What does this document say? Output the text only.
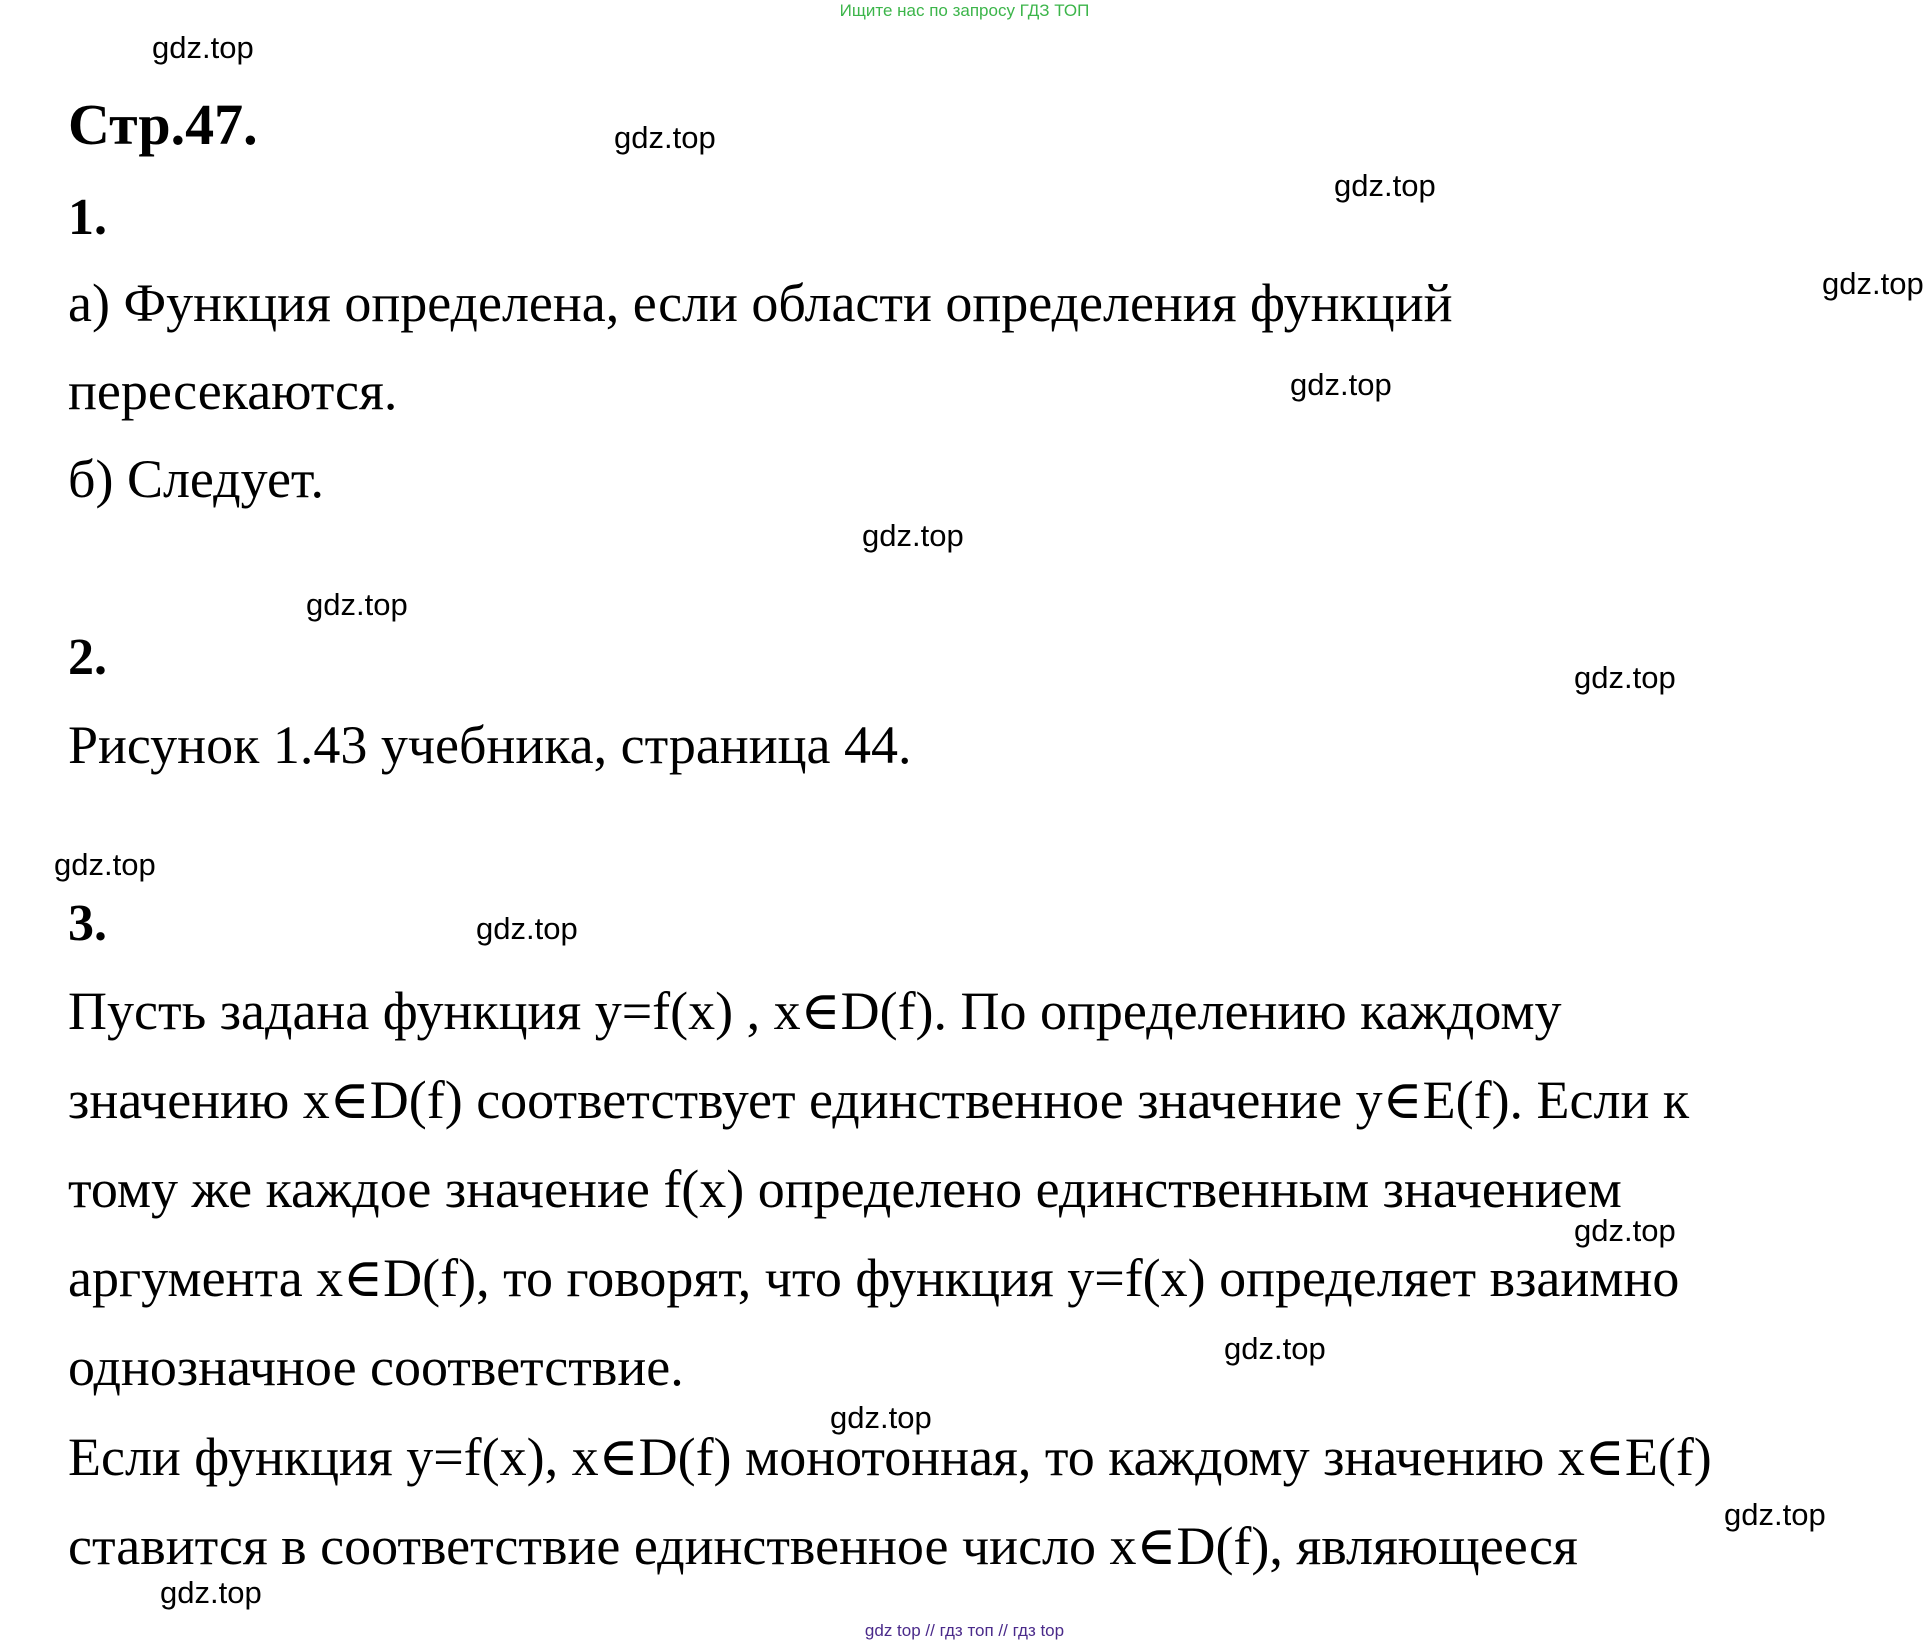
Ищите нас по запросу ГДЗ ТОП
Стр.47.
1.
а) Функция определена, если области определения функций
пересекаются.
б) Следует.
2.
Рисунок 1.43 учебника, страница 44.
3.
Пусть задана функция y=f(x) , x∈D(f). По определению каждому
значению x∈D(f) соответствует единственное значение y∈E(f). Если к
тому же каждое значение f(x) определено единственным значением
аргумента x∈D(f), то говорят, что функция y=f(x) определяет взаимно
однозначное соответствие.
Если функция y=f(x), x∈D(f) монотонная, то каждому значению x∈E(f)
ставится в соответствие единственное число x∈D(f), являющееся
gdz.top
gdz.top
gdz.top
gdz.top
gdz.top
gdz.top
gdz.top
gdz.top
gdz.top
gdz.top
gdz.top
gdz.top
gdz.top
gdz.top
gdz.top
gdz top // гдз топ // гдз top
